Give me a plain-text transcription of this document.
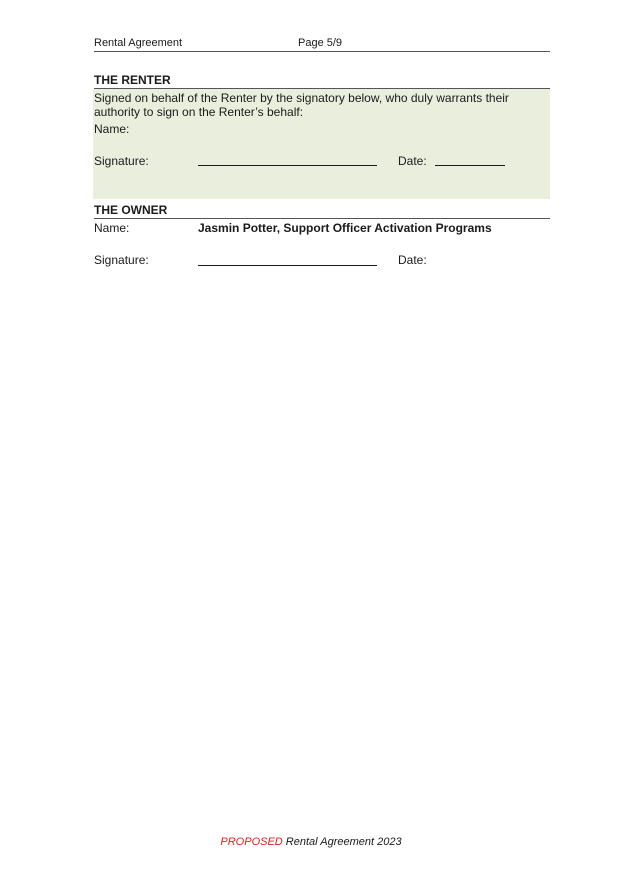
Rental Agreement	Page 5/9
THE RENTER
Signed on behalf of the Renter by the signatory below, who duly warrants their authority to sign on the Renter’s behalf:
Name:
Signature:	Date:
THE OWNER
Name:	Jasmin Potter, Support Officer Activation Programs
Signature:	Date:
PROPOSED Rental Agreement 2023
